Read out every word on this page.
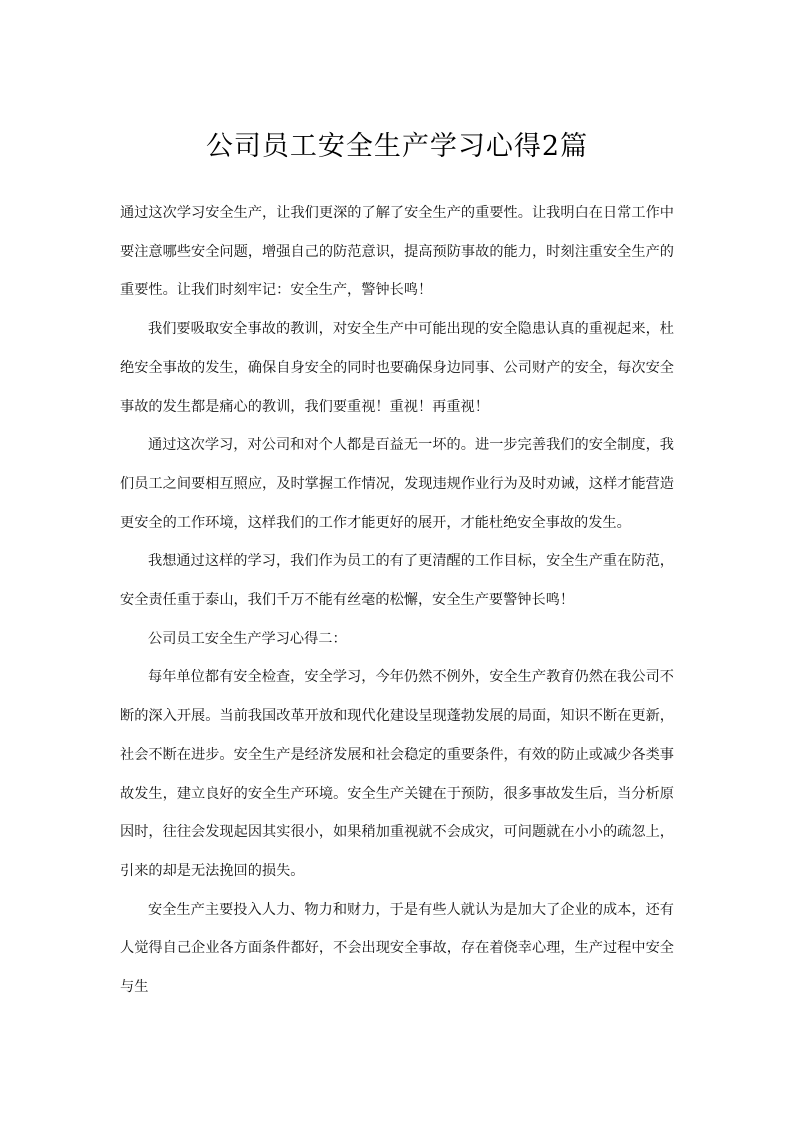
公司员工安全生产学习心得2篇

通过这次学习安全生产，让我们更深的了解了安全生产的重要性。让我明白在日常工作中要注意哪些安全问题，增强自己的防范意识，提高预防事故的能力，时刻注重安全生产的重要性。让我们时刻牢记：安全生产，警钟长鸣！

我们要吸取安全事故的教训，对安全生产中可能出现的安全隐患认真的重视起来，杜绝安全事故的发生，确保自身安全的同时也要确保身边同事、公司财产的安全，每次安全事故的发生都是痛心的教训，我们要重视！重视！再重视！

通过这次学习，对公司和对个人都是百益无一坏的。进一步完善我们的安全制度，我们员工之间要相互照应，及时掌握工作情况，发现违规作业行为及时劝诫，这样才能营造更安全的工作环境，这样我们的工作才能更好的展开，才能杜绝安全事故的发生。

我想通过这样的学习，我们作为员工的有了更清醒的工作目标，安全生产重在防范，安全责任重于泰山，我们千万不能有丝毫的松懈，安全生产要警钟长鸣！

公司员工安全生产学习心得二：

每年单位都有安全检查，安全学习，今年仍然不例外，安全生产教育仍然在我公司不断的深入开展。当前我国改革开放和现代化建设呈现蓬勃发展的局面，知识不断在更新，社会不断在进步。安全生产是经济发展和社会稳定的重要条件，有效的防止或减少各类事故发生，建立良好的安全生产环境。安全生产关键在于预防，很多事故发生后，当分析原因时，往往会发现起因其实很小，如果稍加重视就不会成灾，可问题就在小小的疏忽上，引来的却是无法挽回的损失。

安全生产主要投入人力、物力和财力，于是有些人就认为是加大了企业的成本，还有人觉得自己企业各方面条件都好，不会出现安全事故，存在着侥幸心理，生产过程中安全与生
